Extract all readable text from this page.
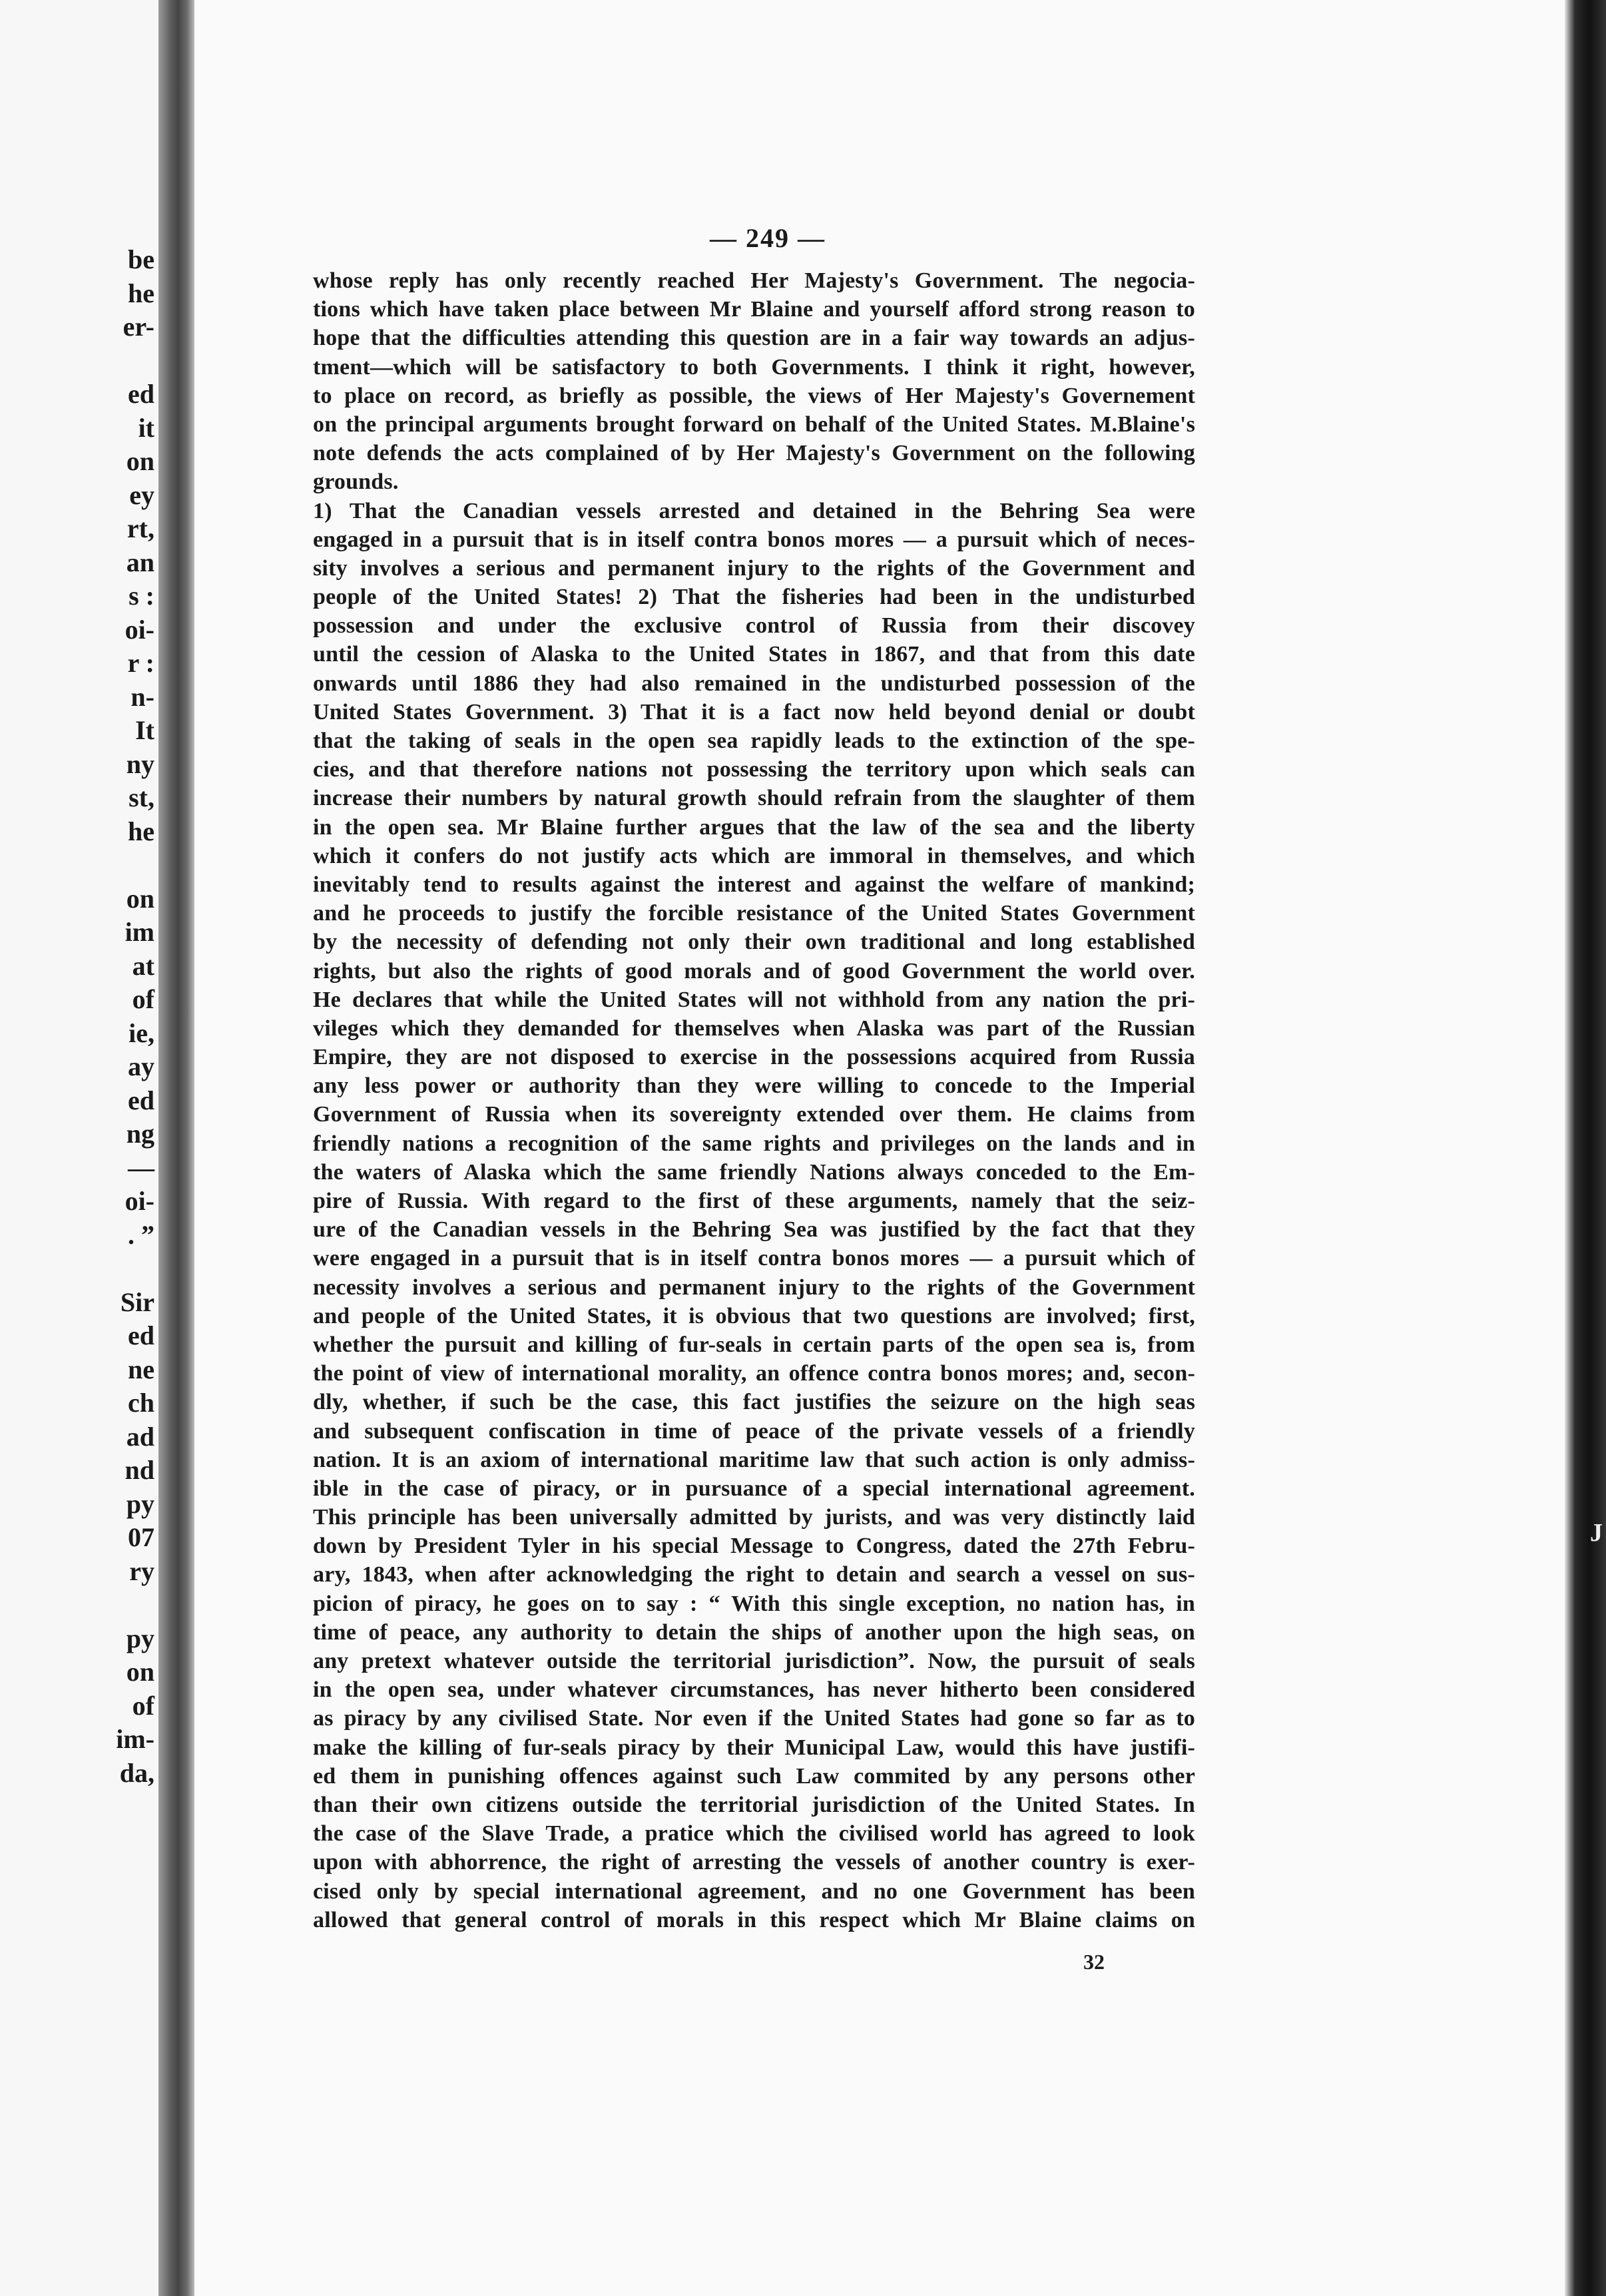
be
he
er-
ed
it
on
ey
rt,
an
s :
oi-
r :
n-
It
ny
st,
he
on
im
at
of
ie,
ay
ed
ng
—
oi-
. ”
Sir
ed
ne
ch
ad
nd
py
07
ry
py
on
of
im-
da,
— 249 —
whose reply has only recently reached Her Majesty's Government. The negocia-
tions which have taken place between Mr Blaine and yourself afford strong reason to
hope that the difficulties attending this question are in a fair way towards an adjus-
tment—which will be satisfactory to both Governments. I think it right, however,
to place on record, as briefly as possible, the views of Her Majesty's Governement
on the principal arguments brought forward on behalf of the United States. M.Blaine's
note defends the acts complained of by Her Majesty's Government on the following
grounds.
1) That the Canadian vessels arrested and detained in the Behring Sea were
engaged in a pursuit that is in itself contra bonos mores — a pursuit which of neces-
sity involves a serious and permanent injury to the rights of the Government and
people of the United States! 2) That the fisheries had been in the undisturbed
possession and under the exclusive control of Russia from their discovey
until the cession of Alaska to the United States in 1867, and that from this date
onwards until 1886 they had also remained in the undisturbed possession of the
United States Government. 3) That it is a fact now held beyond denial or doubt
that the taking of seals in the open sea rapidly leads to the extinction of the spe-
cies, and that therefore nations not possessing the territory upon which seals can
increase their numbers by natural growth should refrain from the slaughter of them
in the open sea. Mr Blaine further argues that the law of the sea and the liberty
which it confers do not justify acts which are immoral in themselves, and which
inevitably tend to results against the interest and against the welfare of mankind;
and he proceeds to justify the forcible resistance of the United States Government
by the necessity of defending not only their own traditional and long established
rights, but also the rights of good morals and of good Government the world over.
He declares that while the United States will not withhold from any nation the pri-
vileges which they demanded for themselves when Alaska was part of the Russian
Empire, they are not disposed to exercise in the possessions acquired from Russia
any less power or authority than they were willing to concede to the Imperial
Government of Russia when its sovereignty extended over them. He claims from
friendly nations a recognition of the same rights and privileges on the lands and in
the waters of Alaska which the same friendly Nations always conceded to the Em-
pire of Russia. With regard to the first of these arguments, namely that the seiz-
ure of the Canadian vessels in the Behring Sea was justified by the fact that they
were engaged in a pursuit that is in itself contra bonos mores — a pursuit which of
necessity involves a serious and permanent injury to the rights of the Government
and people of the United States, it is obvious that two questions are involved; first,
whether the pursuit and killing of fur-seals in certain parts of the open sea is, from
the point of view of international morality, an offence contra bonos mores; and, secon-
dly, whether, if such be the case, this fact justifies the seizure on the high seas
and subsequent confiscation in time of peace of the private vessels of a friendly
nation. It is an axiom of international maritime law that such action is only admiss-
ible in the case of piracy, or in pursuance of a special international agreement.
This principle has been universally admitted by jurists, and was very distinctly laid
down by President Tyler in his special Message to Congress, dated the 27th Febru-
ary, 1843, when after acknowledging the right to detain and search a vessel on sus-
picion of piracy, he goes on to say : “ With this single exception, no nation has, in
time of peace, any authority to detain the ships of another upon the high seas, on
any pretext whatever outside the territorial jurisdiction”. Now, the pursuit of seals
in the open sea, under whatever circumstances, has never hitherto been considered
as piracy by any civilised State. Nor even if the United States had gone so far as to
make the killing of fur-seals piracy by their Municipal Law, would this have justifi-
ed them in punishing offences against such Law commited by any persons other
than their own citizens outside the territorial jurisdiction of the United States. In
the case of the Slave Trade, a pratice which the civilised world has agreed to look
upon with abhorrence, the right of arresting the vessels of another country is exer-
cised only by special international agreement, and no one Government has been
allowed that general control of morals in this respect which Mr Blaine claims on
32
J
